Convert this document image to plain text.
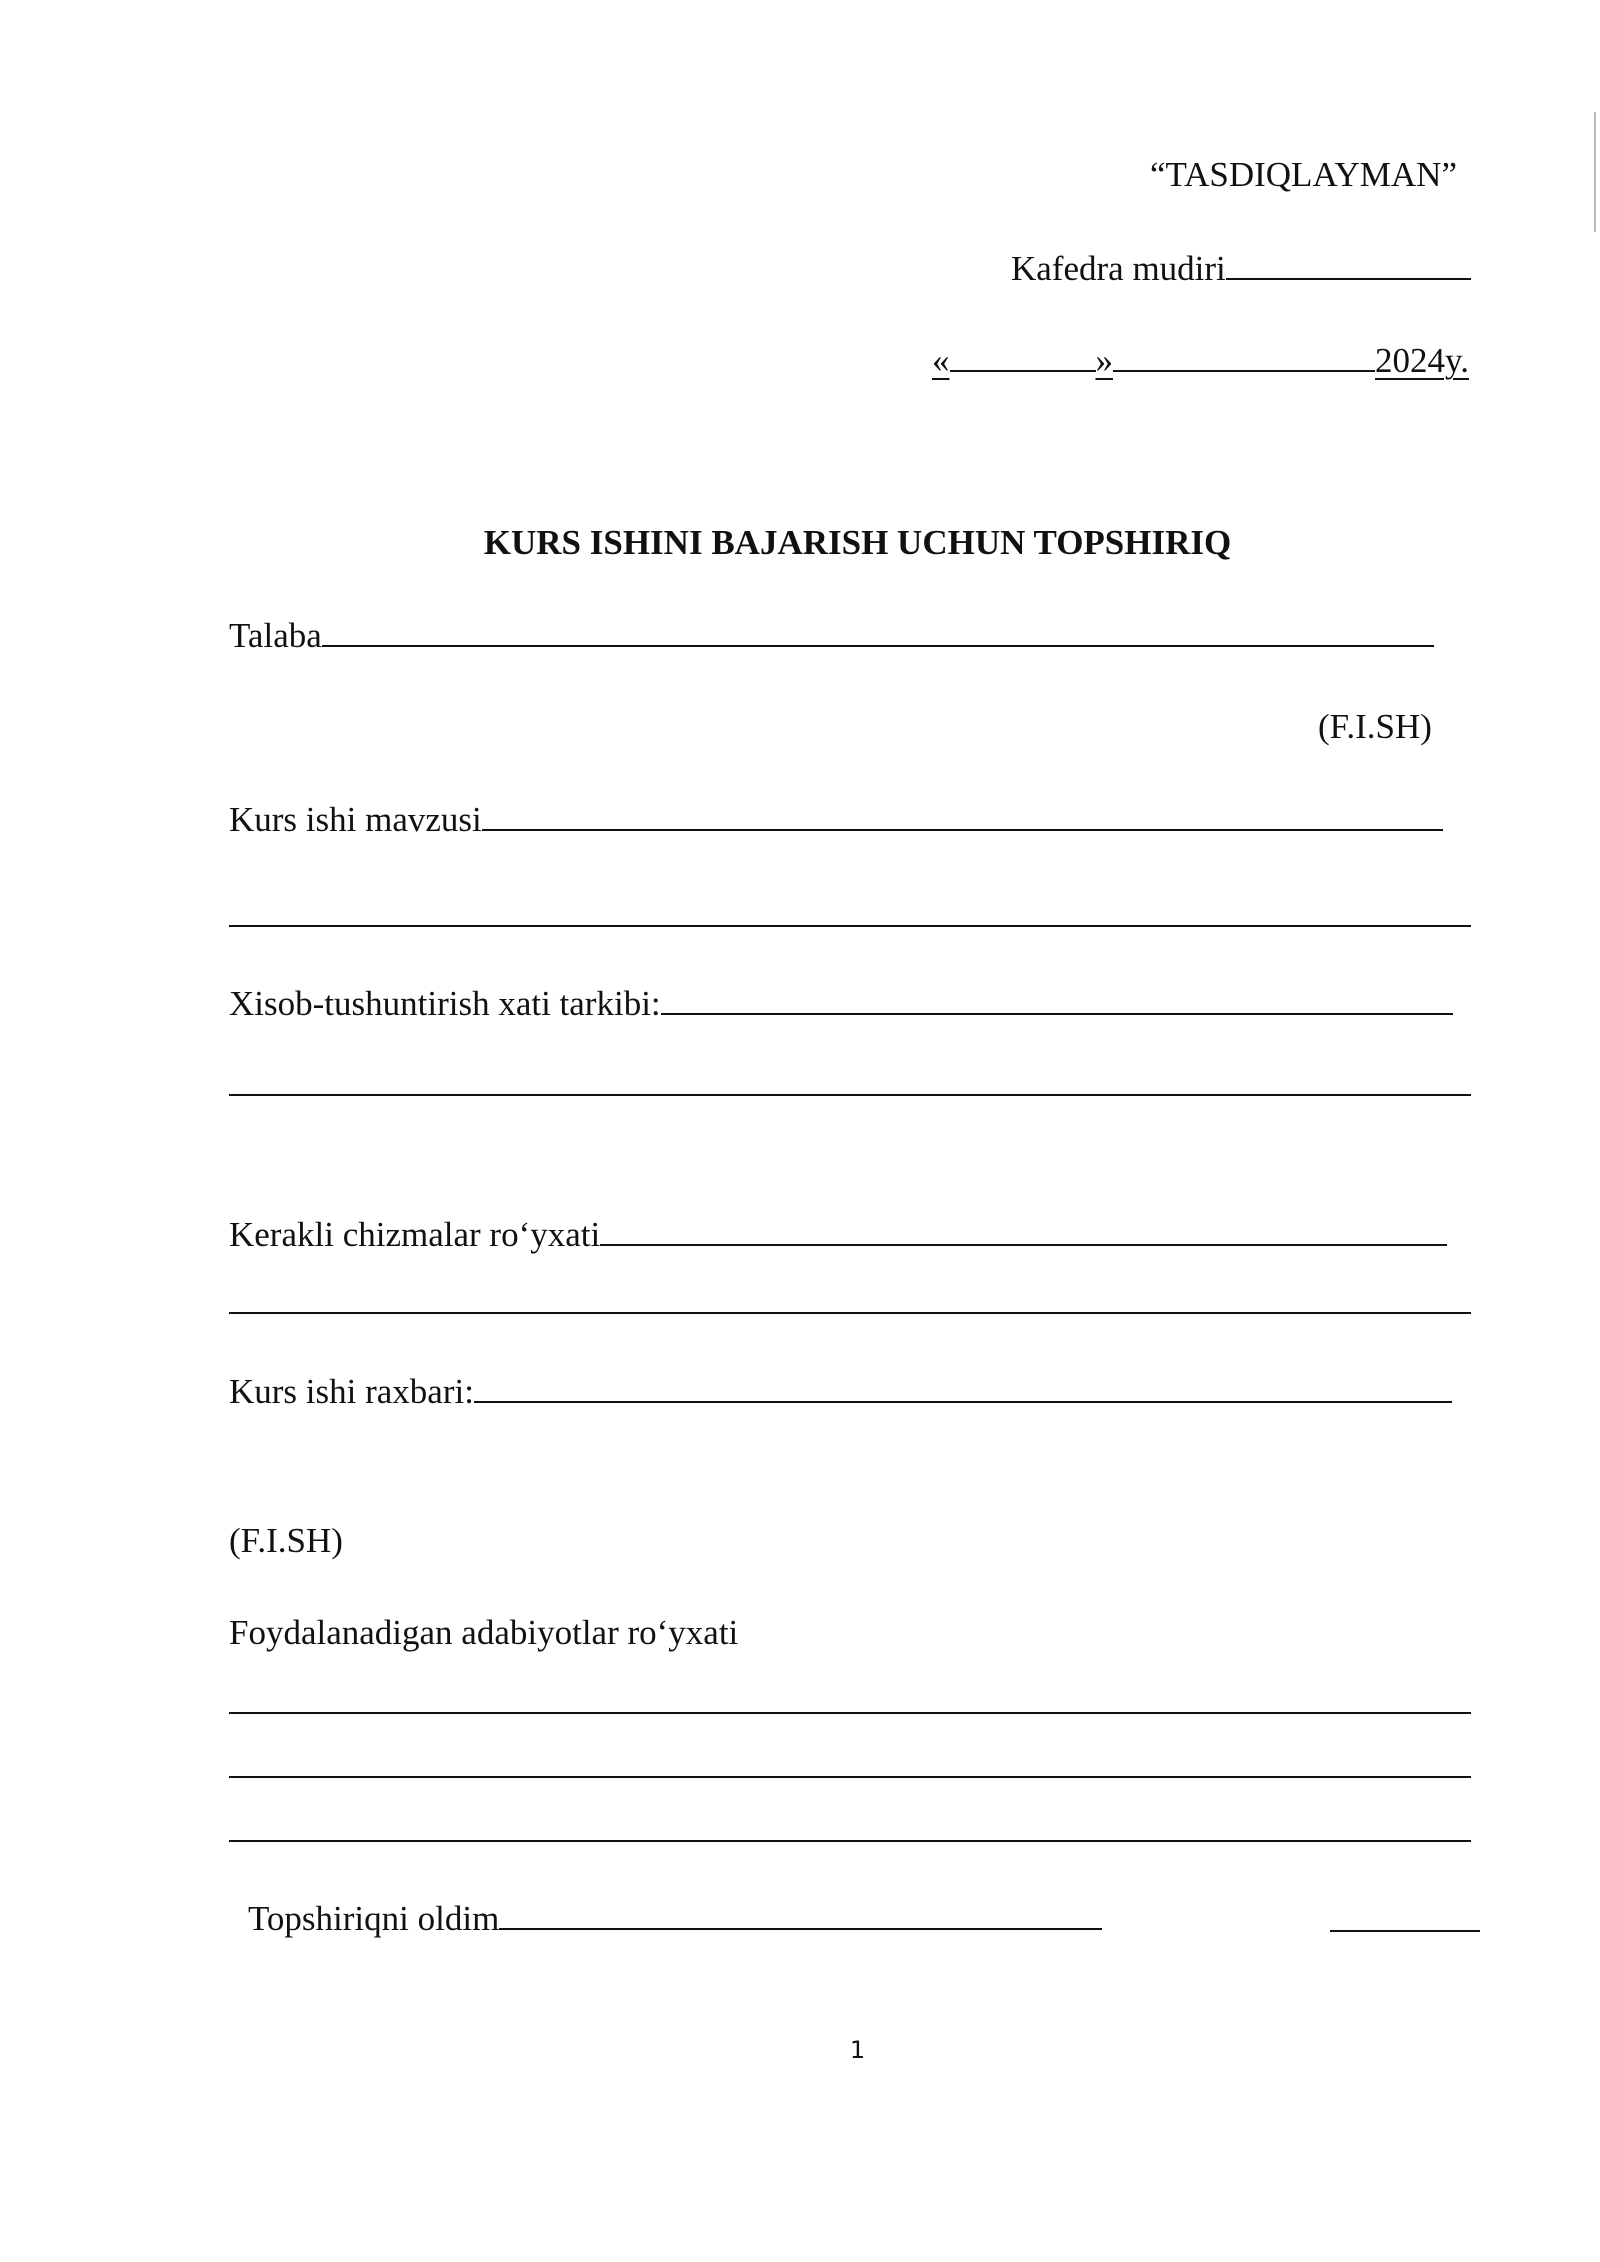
“TASDIQLAYMAN”
Kafedra mudiri
«	»	2024y.
KURS ISHINI BAJARISH UCHUN TOPSHIRIQ
Talaba
(F.I.SH)
Kurs ishi mavzusi
Xisob-tushuntirish xati tarkibi:
Kerakli chizmalar ro‘yxati
Kurs ishi raxbari:
(F.I.SH)
Foydalanadigan adabiyotlar ro‘yxati
Topshiriqni oldim
1
